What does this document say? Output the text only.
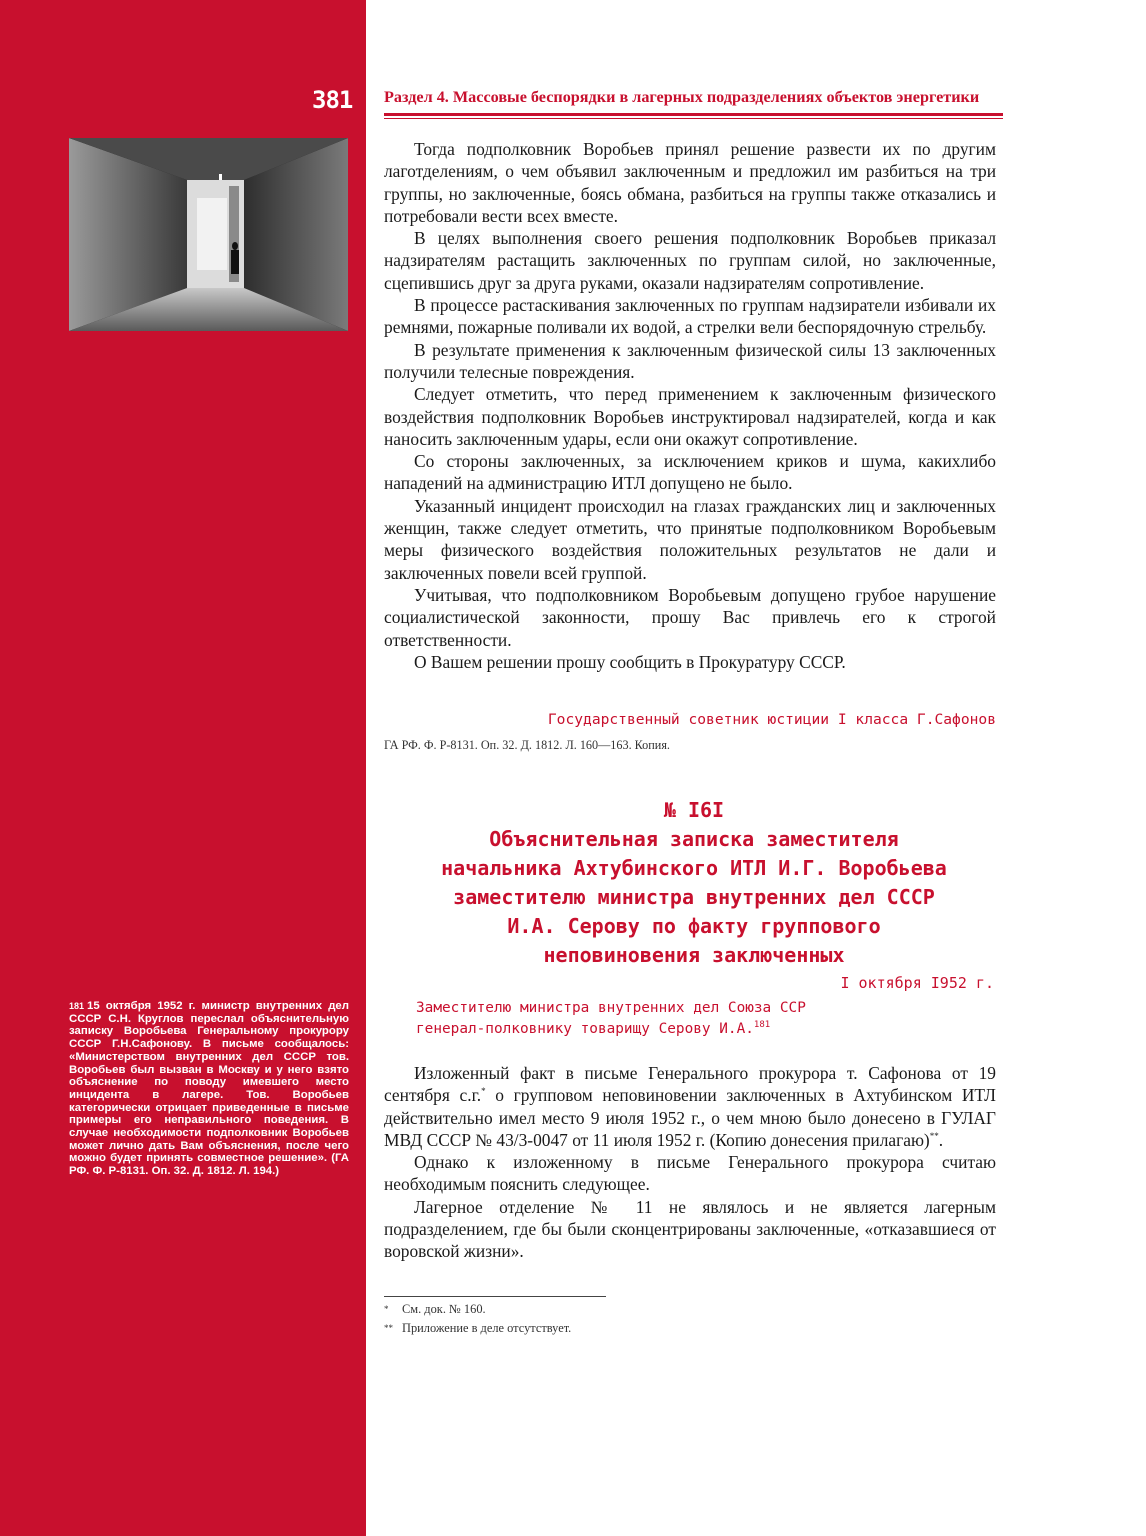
381
$^{181}$ 15 октября 1952 г. министр внутренних дел СССР С.Н. Круглов переслал объяснительную записку Воробьева Генеральному прокурору СССР Г.Н.Сафонову. В письме сообщалось: «Министерством внутренних дел СССР тов. Воробьев был вызван в Москву и у него взято объяснение по поводу имевшего место инцидента в лагере. Тов. Воробьев категорически отрицает приведенные в письме примеры его неправильного поведения. В случае необходимости подполковник Воробьев может лично дать Вам объяснения, после чего можно будет принять совместное решение». (ГА РФ. Ф. Р-8131. Оп. 32. Д. 1812. Л. 194.)
Раздел 4. Массовые беспорядки в лагерных подразделениях объектов энергетики

Тогда подполковник Воробьев принял решение развести их по другим лаготделениям, о чем объявил заключенным и предложил им разбиться на три группы, но заключенные, боясь обмана, разбиться на группы также отказались и потребовали вести всех вместе.

В целях выполнения своего решения подполковник Воробьев приказал надзирателям растащить заключенных по группам силой, но заключенные, сцепившись друг за друга руками, оказали надзирателям сопротивление.

В процессе растаскивания заключенных по группам надзиратели избивали их ремнями, пожарные поливали их водой, а стрелки вели беспорядочную стрельбу.

В результате применения к заключенным физической силы 13 заключенных получили телесные повреждения.

Следует отметить, что перед применением к заключенным физического воздействия подполковник Воробьев инструктировал надзирателей, когда и как наносить заключенным удары, если они окажут сопротивление.

Со стороны заключенных, за исключением криков и шума, какихлибо нападений на администрацию ИТЛ допущено не было.

Указанный инцидент происходил на глазах гражданских лиц и заключенных женщин, также следует отметить, что принятые подполковником Воробьевым меры физического воздействия положительных результатов не дали и заключенных повели всей группой.

Учитывая, что подполковником Воробьевым допущено грубое нарушение социалистической законности, прошу Вас привлечь его к строгой ответственности.

О Вашем решении прошу сообщить в Прокуратуру СССР.

Государственный советник юстиции I класса Г.Сафонов
ГА РФ. Ф. Р-8131. Оп. 32. Д. 1812. Л. 160—163. Копия.
№ I6I
Объяснительная записка заместителя
начальника Ахтубинского ИТЛ И.Г. Воробьева
заместителю министра внутренних дел СССР
И.А. Серову по факту группового
неповиновения заключенных
I октября I952 г.
Заместителю министра внутренних дел Союза ССР
генерал-полковнику товарищу Серову И.А.$^{181}$

Изложенный факт в письме Генерального прокурора т. Сафонова от 19 сентября с.г.* о групповом неповиновении заключенных в Ахтубинском ИТЛ действительно имел место 9 июля 1952 г., о чем мною было донесено в ГУЛАГ МВД СССР № 43/3-0047 от 11 июля 1952 г. (Копию донесения прилагаю)**.

Однако к изложенному в письме Генерального прокурора считаю необходимым пояснить следующее.

Лагерное отделение № 11 не являлось и не является лагерным подразделением, где бы были сконцентрированы заключенные, «отказавшиеся от воровской жизни».

* См. док. № 160.
** Приложение в деле отсутствует.
